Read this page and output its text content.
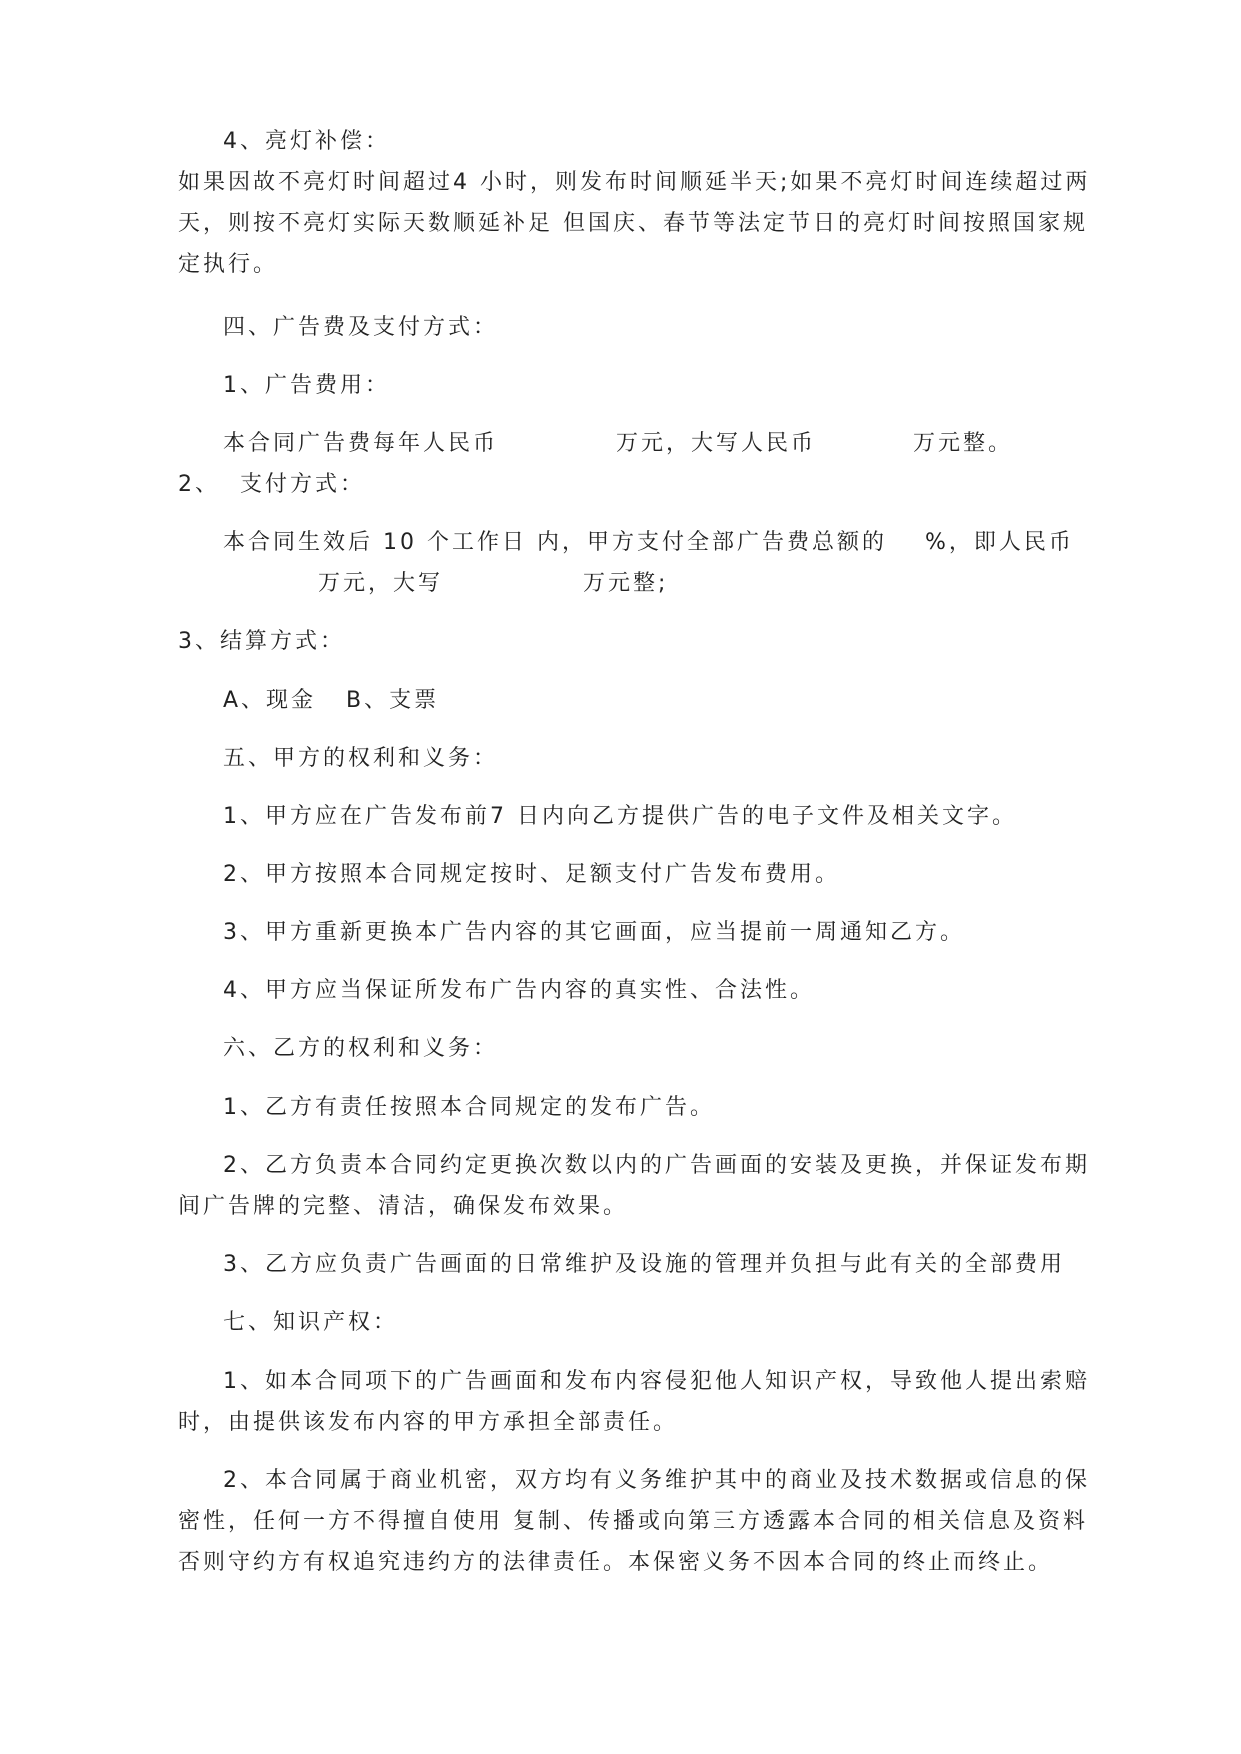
4、亮灯补偿：

如果因故不亮灯时间超过4 小时，则发布时间顺延半天;如果不亮灯时间连续超过两

天，则按不亮灯实际天数顺延补足 但国庆、春节等法定节日的亮灯时间按照国家规

定执行。

四、广告费及支付方式：

1、广告费用：

本合同广告费每年人民币	万元，大写人民币	万元整。

2、  支付方式：

本合同生效后 10 个工作日 内，甲方支付全部广告费总额的 %，即人民币

万元，大写	万元整;

3、结算方式：

A、现金   B、支票

五、甲方的权利和义务：

1、甲方应在广告发布前7 日内向乙方提供广告的电子文件及相关文字。

2、甲方按照本合同规定按时、足额支付广告发布费用。

3、甲方重新更换本广告内容的其它画面，应当提前一周通知乙方。

4、甲方应当保证所发布广告内容的真实性、合法性。

六、乙方的权利和义务：

1、乙方有责任按照本合同规定的发布广告。

2、乙方负责本合同约定更换次数以内的广告画面的安装及更换，并保证发布期

间广告牌的完整、清洁，确保发布效果。

3、乙方应负责广告画面的日常维护及设施的管理并负担与此有关的全部费用

七、知识产权：

1、如本合同项下的广告画面和发布内容侵犯他人知识产权，导致他人提出索赔

时，由提供该发布内容的甲方承担全部责任。

2、本合同属于商业机密，双方均有义务维护其中的商业及技术数据或信息的保

密性，任何一方不得擅自使用 复制、传播或向第三方透露本合同的相关信息及资料

否则守约方有权追究违约方的法律责任。本保密义务不因本合同的终止而终止。
